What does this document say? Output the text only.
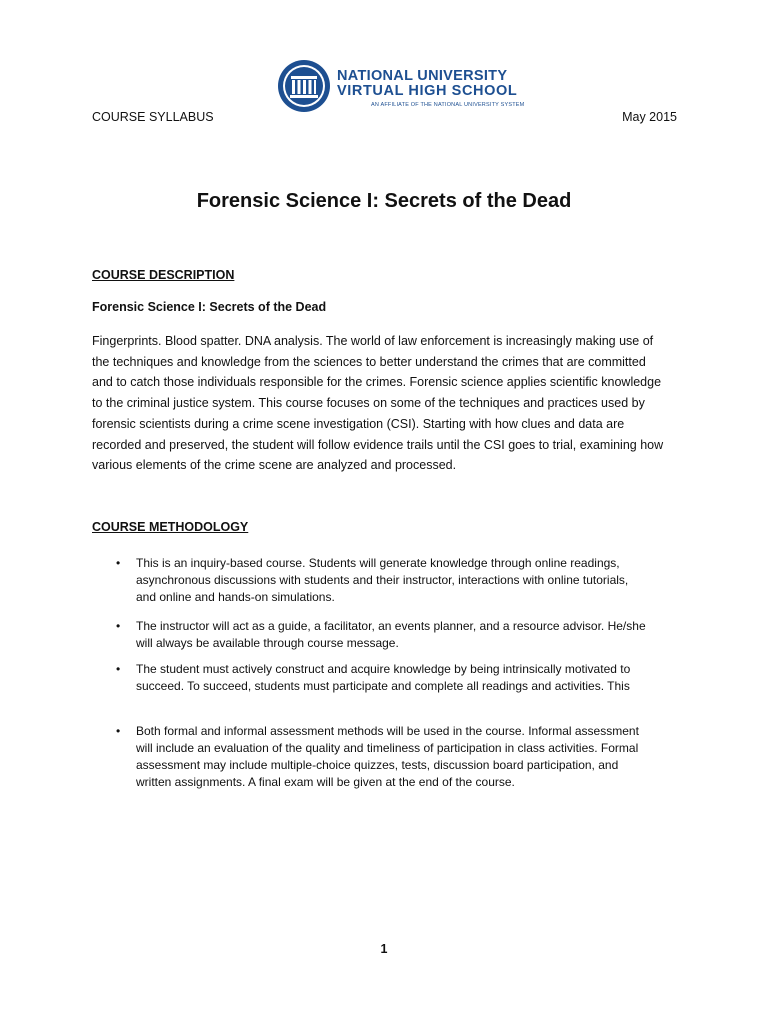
NATIONAL UNIVERSITY
VIRTUAL HIGH SCHOOL
AN AFFILIATE OF THE NATIONAL UNIVERSITY SYSTEM
COURSE SYLLABUS	May 2015
Forensic Science I: Secrets of the Dead
COURSE DESCRIPTION
Forensic Science I: Secrets of the Dead
Fingerprints. Blood spatter. DNA analysis. The world of law enforcement is increasingly making use of
the techniques and knowledge from the sciences to better understand the crimes that are committed
and to catch those individuals responsible for the crimes. Forensic science applies scientific knowledge
to the criminal justice system. This course focuses on some of the techniques and practices used by
forensic scientists during a crime scene investigation (CSI). Starting with how clues and data are
recorded and preserved, the student will follow evidence trails until the CSI goes to trial, examining how
various elements of the crime scene are analyzed and processed.
COURSE METHODOLOGY
• This is an inquiry-based course. Students will generate knowledge through online readings,
asynchronous discussions with students and their instructor, interactions with online tutorials,
and online and hands-on simulations.
• The instructor will act as a guide, a facilitator, an events planner, and a resource advisor. He/she
will always be available through course message.
• The student must actively construct and acquire knowledge by being intrinsically motivated to
succeed. To succeed, students must participate and complete all readings and activities. This
• Both formal and informal assessment methods will be used in the course. Informal assessment
will include an evaluation of the quality and timeliness of participation in class activities. Formal
assessment may include multiple-choice quizzes, tests, discussion board participation, and
written assignments. A final exam will be given at the end of the course.
1
